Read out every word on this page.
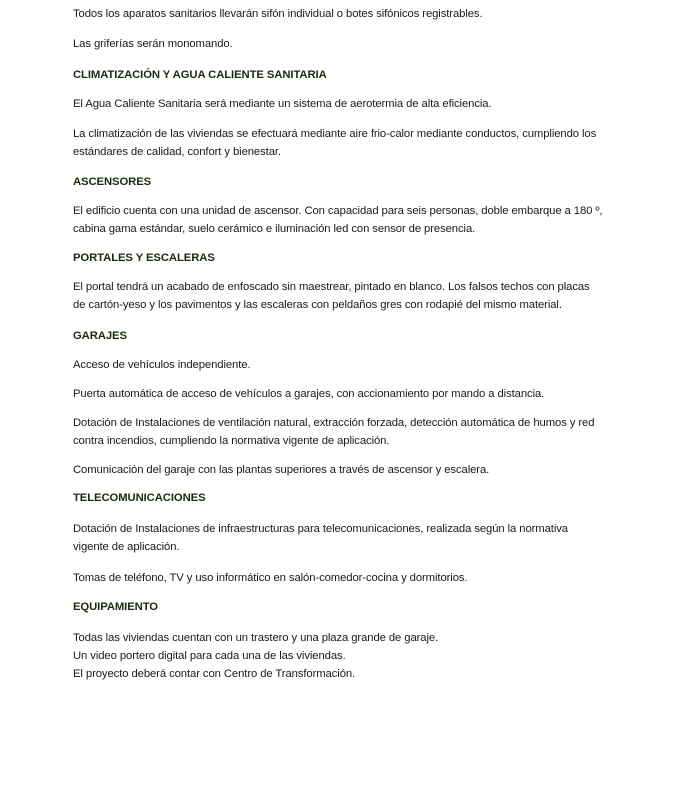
Todos los aparatos sanitarios llevarán sifón individual o botes sifónicos registrables.
Las griferías serán monomando.
CLIMATIZACIÓN Y AGUA CALIENTE SANITARIA
El Agua Caliente Sanitaria será mediante un sistema de aerotermia de alta eficiencia.
La climatización de las viviendas se efectuará mediante aire frio-calor mediante conductos, cumpliendo los
estándares de calidad, confort y bienestar.
ASCENSORES
El edificio cuenta con una unidad de ascensor. Con capacidad para seis personas, doble embarque a 180 º,
cabina gama estándar, suelo cerámico e iluminación led con sensor de presencia.
PORTALES Y ESCALERAS
El portal tendrá un acabado de enfoscado sin maestrear, pintado en blanco. Los falsos techos con placas
de cartón-yeso y los pavimentos y las escaleras con peldaños gres con rodapié del mismo material.
GARAJES
Acceso de vehículos independiente.
Puerta automática de acceso de vehículos a garajes, con accionamiento por mando a distancia.
Dotación de Instalaciones de ventilación natural, extracción forzada, detección automática de humos y red
contra incendios, cumpliendo la normativa vigente de aplicación.
Comunicación del garaje con las plantas superiores a través de ascensor y escalera.
TELECOMUNICACIONES
Dotación de Instalaciones de infraestructuras para telecomunicaciones, realizada según la normativa
vigente de aplicación.
Tomas de teléfono, TV y uso informático en salón-comedor-cocina y dormitorios.
EQUIPAMIENTO
Todas las viviendas cuentan con un trastero y una plaza grande de garaje.
Un video portero digital para cada una de las viviendas.
El proyecto deberá contar con Centro de Transformación.
